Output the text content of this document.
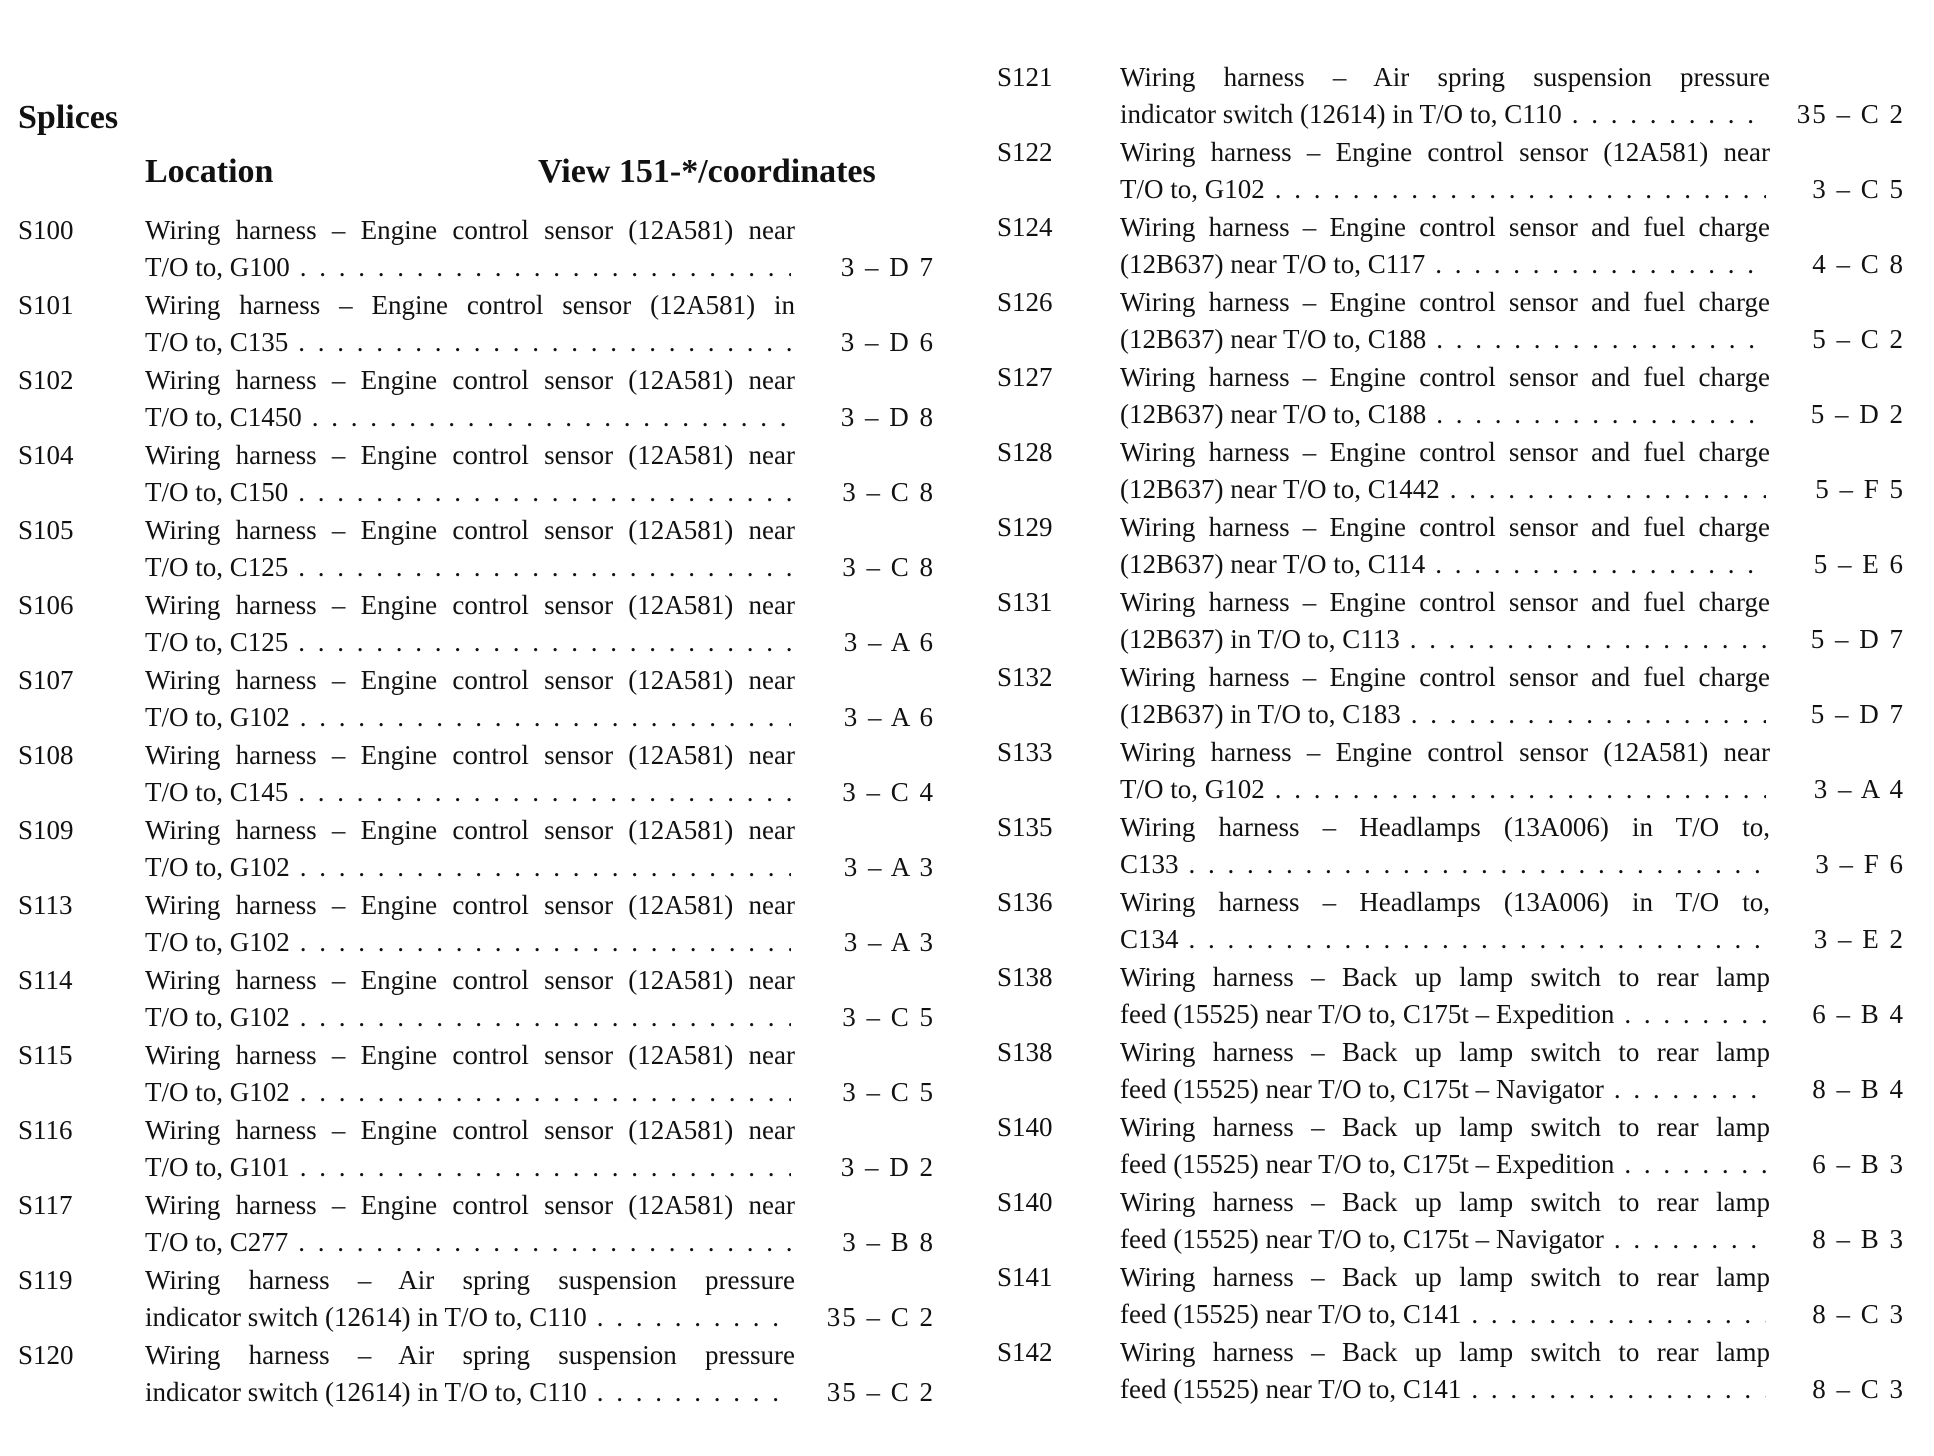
Splices
Location	View 151-*/coordinates
S100	Wiring harness – Engine control sensor (12A581) near
T/O to, G100 . . .	3 – D 7
S101	Wiring harness – Engine control sensor (12A581) in
T/O to, C135 . . .	3 – D 6
S102	Wiring harness – Engine control sensor (12A581) near
T/O to, C1450 . . .	3 – D 8
S104	Wiring harness – Engine control sensor (12A581) near
T/O to, C150 . . .	3 – C 8
S105	Wiring harness – Engine control sensor (12A581) near
T/O to, C125 . . .	3 – C 8
S106	Wiring harness – Engine control sensor (12A581) near
T/O to, C125 . . .	3 – A 6
S107	Wiring harness – Engine control sensor (12A581) near
T/O to, G102 . . .	3 – A 6
S108	Wiring harness – Engine control sensor (12A581) near
T/O to, C145 . . .	3 – C 4
S109	Wiring harness – Engine control sensor (12A581) near
T/O to, G102 . . .	3 – A 3
S113	Wiring harness – Engine control sensor (12A581) near
T/O to, G102 . . .	3 – A 3
S114	Wiring harness – Engine control sensor (12A581) near
T/O to, G102 . . .	3 – C 5
S115	Wiring harness – Engine control sensor (12A581) near
T/O to, G102 . . .	3 – C 5
S116	Wiring harness – Engine control sensor (12A581) near
T/O to, G101 . . .	3 – D 2
S117	Wiring harness – Engine control sensor (12A581) near
T/O to, C277 . . .	3 – B 8
S119	Wiring harness – Air spring suspension pressure
indicator switch (12614) in T/O to, C110 . . .	35 – C 2
S120	Wiring harness – Air spring suspension pressure
indicator switch (12614) in T/O to, C110 . . .	35 – C 2
S121 Wiring harness – Air spring suspension pressure
indicator switch (12614) in T/O to, C110 . . .	35 – C 2
S122 Wiring harness – Engine control sensor (12A581) near
T/O to, G102 . . .	3 – C 5
S124 Wiring harness – Engine control sensor and fuel charge
(12B637) near T/O to, C117 . . .	4 – C 8
S126 Wiring harness – Engine control sensor and fuel charge
(12B637) near T/O to, C188 . . .	5 – C 2
S127 Wiring harness – Engine control sensor and fuel charge
(12B637) near T/O to, C188 . . .	5 – D 2
S128 Wiring harness – Engine control sensor and fuel charge
(12B637) near T/O to, C1442 . . .	5 – F 5
S129 Wiring harness – Engine control sensor and fuel charge
(12B637) near T/O to, C114 . . .	5 – E 6
S131 Wiring harness – Engine control sensor and fuel charge
(12B637) in T/O to, C113 . . .	5 – D 7
S132 Wiring harness – Engine control sensor and fuel charge
(12B637) in T/O to, C183 . . .	5 – D 7
S133 Wiring harness – Engine control sensor (12A581) near
T/O to, G102 . . .	3 – A 4
S135 Wiring harness – Headlamps (13A006) in T/O to,
C133 . . .	3 – F 6
S136 Wiring harness – Headlamps (13A006) in T/O to,
C134 . . .	3 – E 2
S138 Wiring harness – Back up lamp switch to rear lamp
feed (15525) near T/O to, C175t – Expedition . . .	6 – B 4
S138 Wiring harness – Back up lamp switch to rear lamp
feed (15525) near T/O to, C175t – Navigator . . .	8 – B 4
S140 Wiring harness – Back up lamp switch to rear lamp
feed (15525) near T/O to, C175t – Expedition . . .	6 – B 3
S140 Wiring harness – Back up lamp switch to rear lamp
feed (15525) near T/O to, C175t – Navigator . . .	8 – B 3
S141 Wiring harness – Back up lamp switch to rear lamp
feed (15525) near T/O to, C141 . . .	8 – C 3
S142 Wiring harness – Back up lamp switch to rear lamp
feed (15525) near T/O to, C141 . . .	8 – C 3
